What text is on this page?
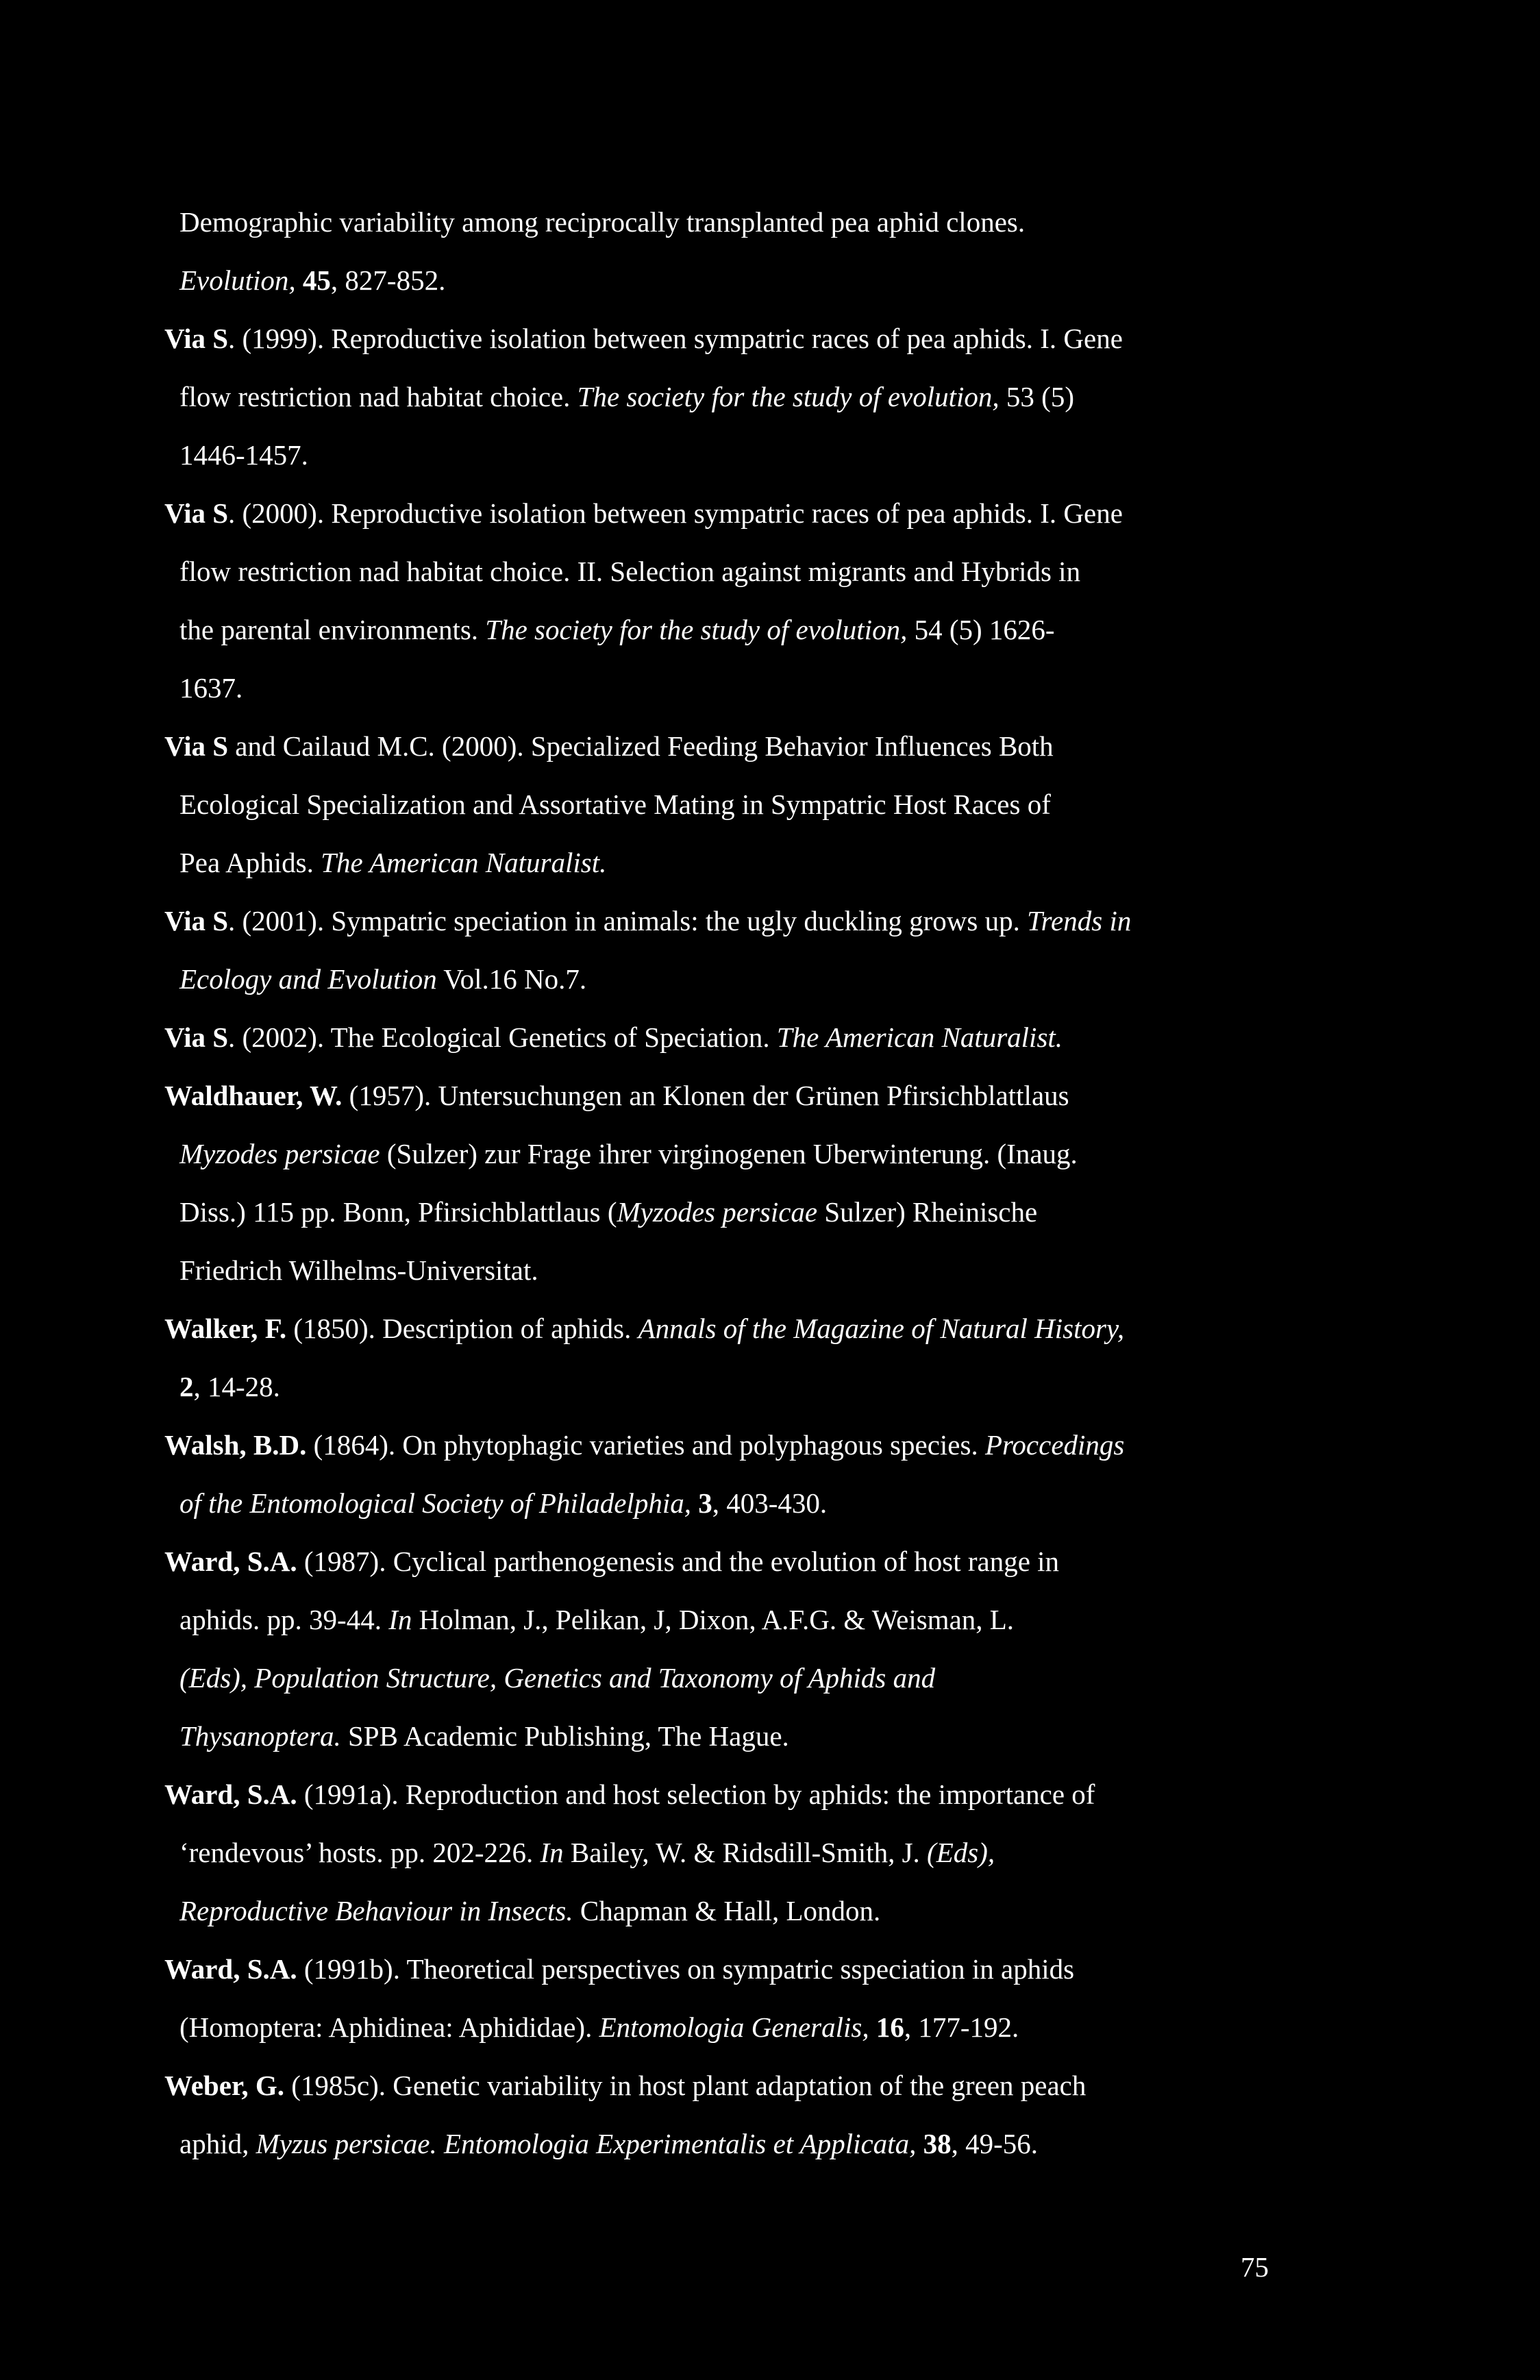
Demographic variability among reciprocally transplanted pea aphid clones.
Evolution, 45, 827-852.
Via S. (1999). Reproductive isolation between sympatric races of pea aphids. I. Gene
flow restriction nad habitat choice. The society for the study of evolution, 53 (5)
1446-1457.
Via S. (2000). Reproductive isolation between sympatric races of pea aphids. I. Gene
flow restriction nad habitat choice. II. Selection against migrants and Hybrids in
the parental environments. The society for the study of evolution, 54 (5) 1626-
1637.
Via S and Cailaud M.C. (2000). Specialized Feeding Behavior Influences Both
Ecological Specialization and Assortative Mating in Sympatric Host Races of
Pea Aphids. The American Naturalist.
Via S. (2001). Sympatric speciation in animals: the ugly duckling grows up. Trends in
Ecology and Evolution Vol.16 No.7.
Via S. (2002). The Ecological Genetics of Speciation. The American Naturalist.
Waldhauer, W. (1957). Untersuchungen an Klonen der Grünen Pfirsichblattlaus
Myzodes persicae (Sulzer) zur Frage ihrer virginogenen Uberwinterung. (Inaug.
Diss.) 115 pp. Bonn, Pfirsichblattlaus (Myzodes persicae Sulzer) Rheinische
Friedrich Wilhelms-Universitat.
Walker, F. (1850). Description of aphids. Annals of the Magazine of Natural History,
2, 14-28.
Walsh, B.D. (1864). On phytophagic varieties and polyphagous species. Proccedings
of the Entomological Society of Philadelphia, 3, 403-430.
Ward, S.A. (1987). Cyclical parthenogenesis and the evolution of host range in
aphids. pp. 39-44. In Holman, J., Pelikan, J, Dixon, A.F.G. & Weisman, L.
(Eds), Population Structure, Genetics and Taxonomy of Aphids and
Thysanoptera. SPB Academic Publishing, The Hague.
Ward, S.A. (1991a). Reproduction and host selection by aphids: the importance of
‘rendevous’ hosts. pp. 202-226. In Bailey, W. & Ridsdill-Smith, J. (Eds),
Reproductive Behaviour in Insects. Chapman & Hall, London.
Ward, S.A. (1991b). Theoretical perspectives on sympatric sspeciation in aphids
(Homoptera: Aphidinea: Aphididae). Entomologia Generalis, 16, 177-192.
Weber, G. (1985c). Genetic variability in host plant adaptation of the green peach
aphid, Myzus persicae. Entomologia Experimentalis et Applicata, 38, 49-56.
75
